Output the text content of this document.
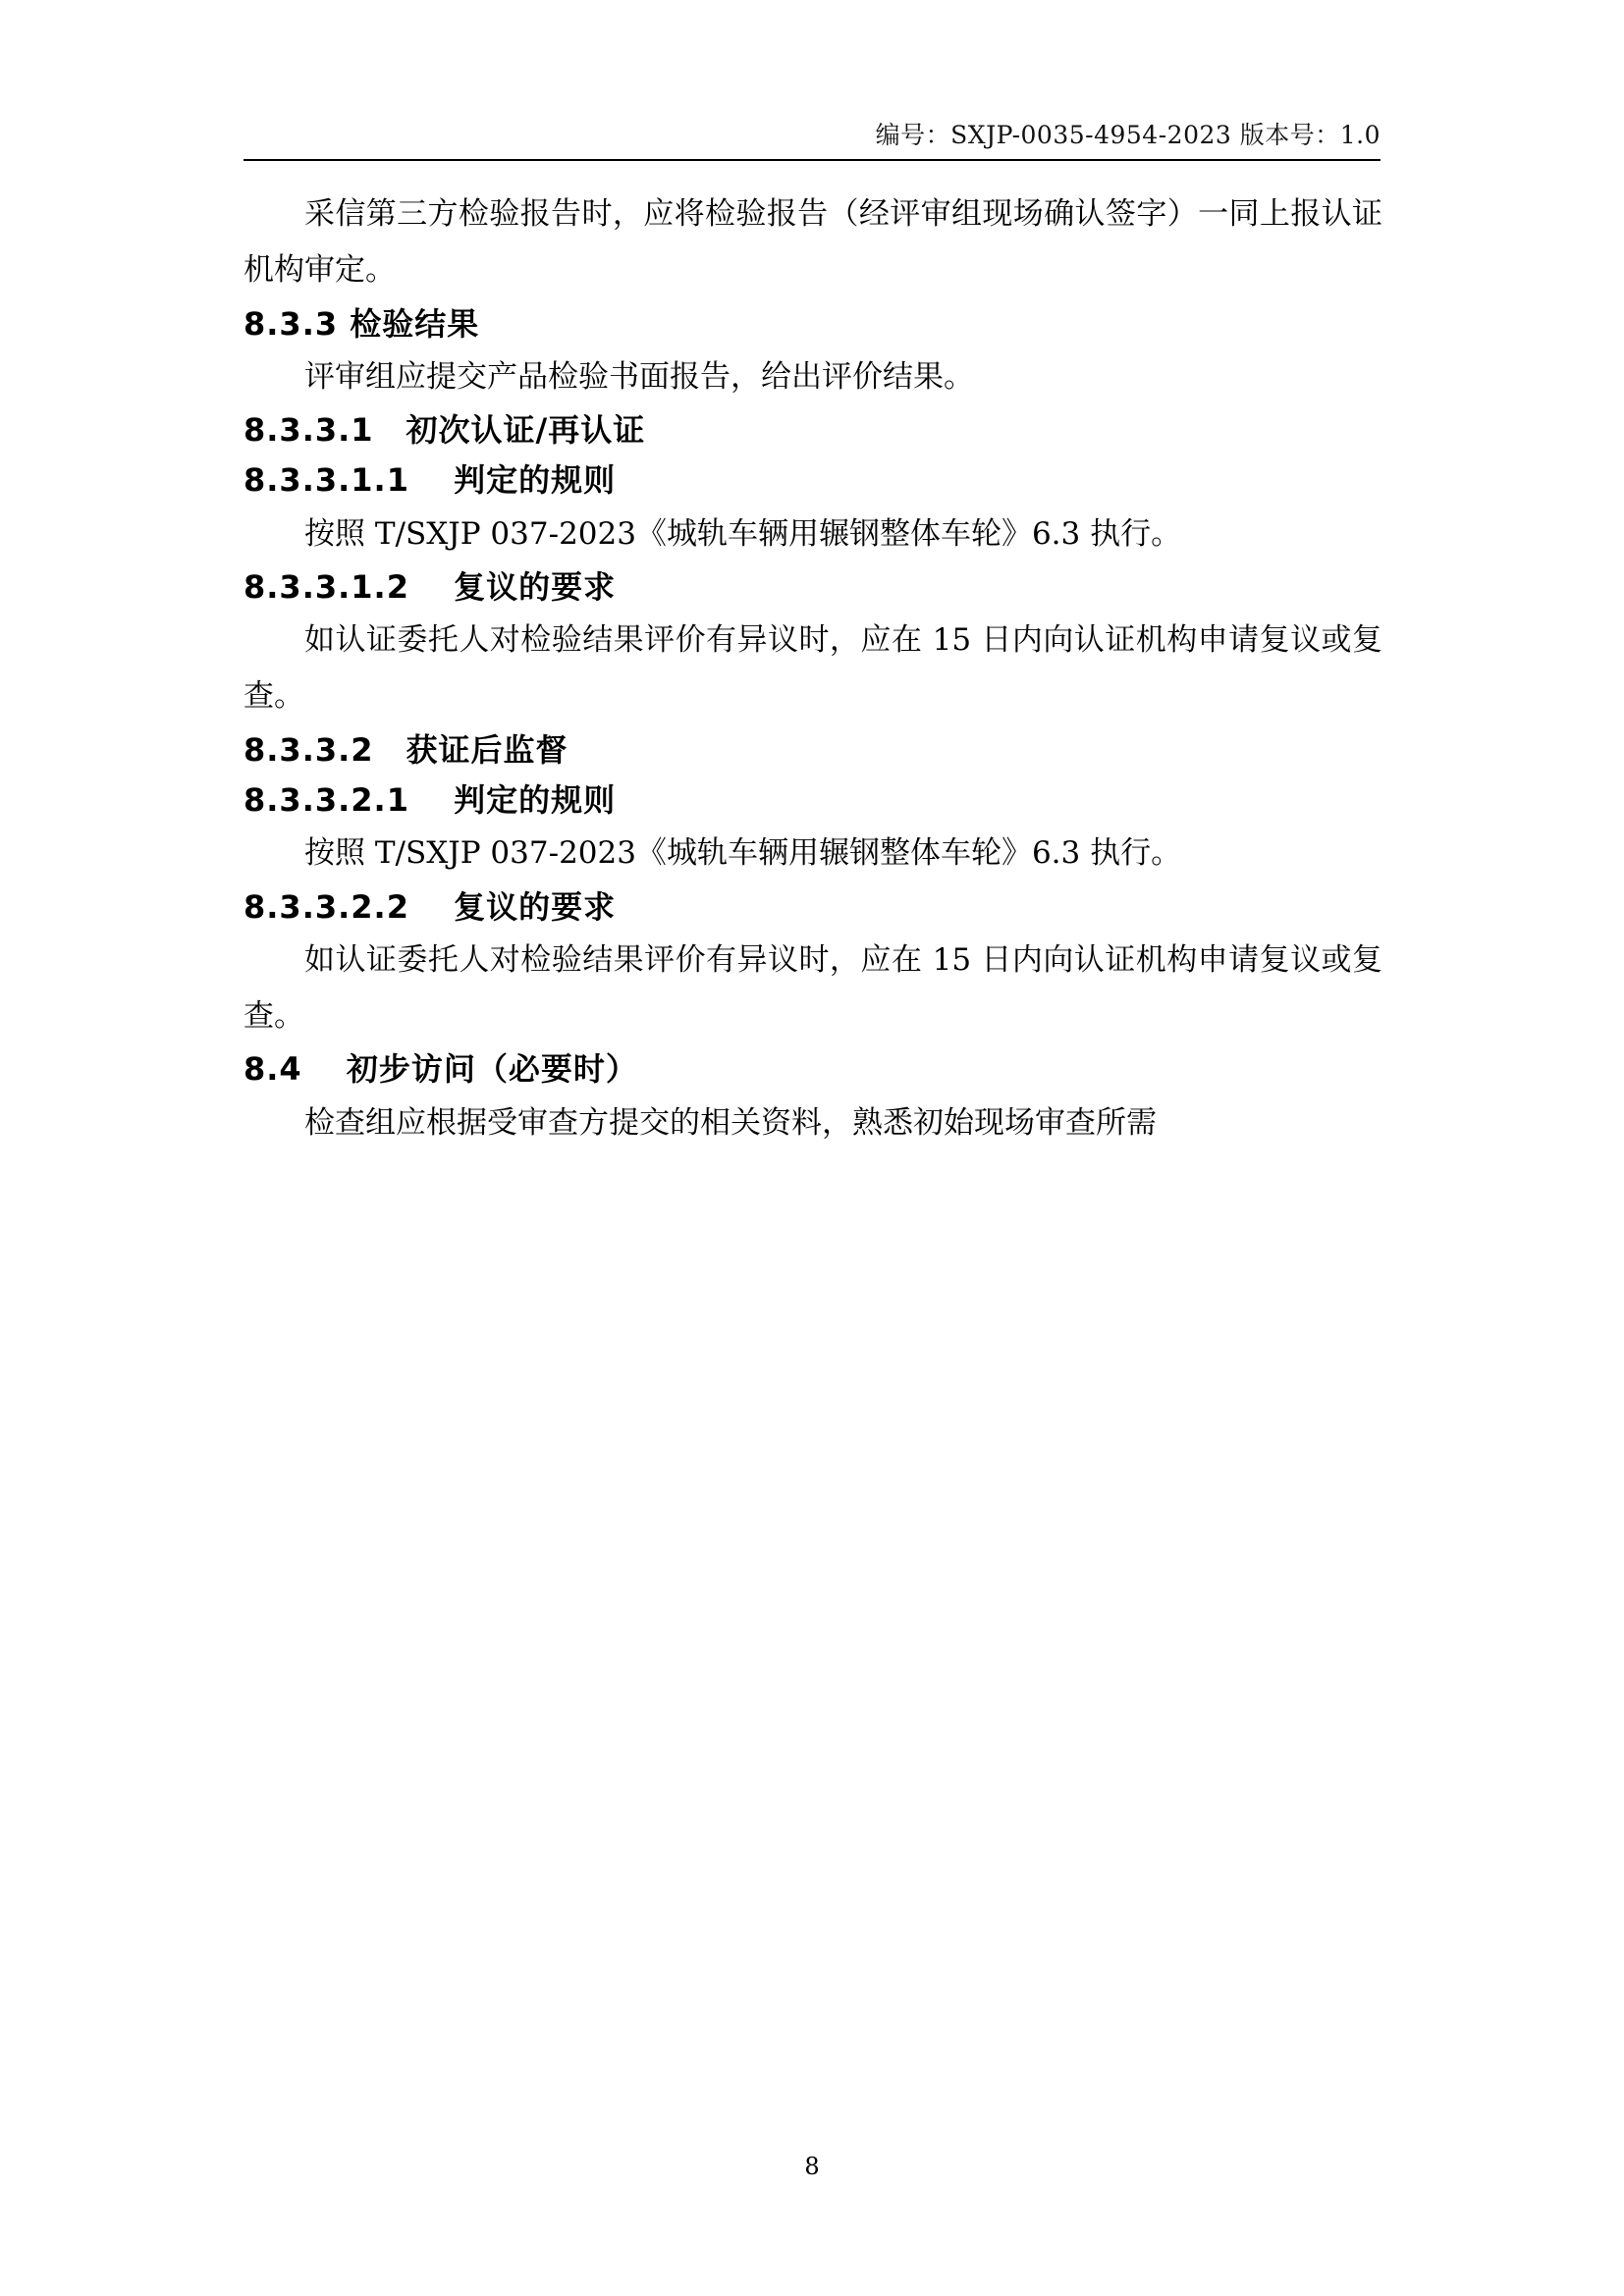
编号：SXJP-0035-4954-2023 版本号：1.0

采信第三方检验报告时，应将检验报告（经评审组现场确认签字）一同上报认证机构审定。

8.3.3 检验结果

评审组应提交产品检验书面报告，给出评价结果。

8.3.3.1　初次认证/再认证
8.3.3.1.1　 判定的规则

按照 T/SXJP 037-2023《城轨车辆用辗钢整体车轮》6.3 执行。

8.3.3.1.2　 复议的要求

如认证委托人对检验结果评价有异议时，应在 15 日内向认证机构申请复议或复查。

8.3.3.2　获证后监督
8.3.3.2.1　 判定的规则

按照 T/SXJP 037-2023《城轨车辆用辗钢整体车轮》6.3 执行。

8.3.3.2.2　 复议的要求

如认证委托人对检验结果评价有异议时，应在 15 日内向认证机构申请复议或复查。

8.4　 初步访问（必要时）

检查组应根据受审查方提交的相关资料，熟悉初始现场审查所需

8
